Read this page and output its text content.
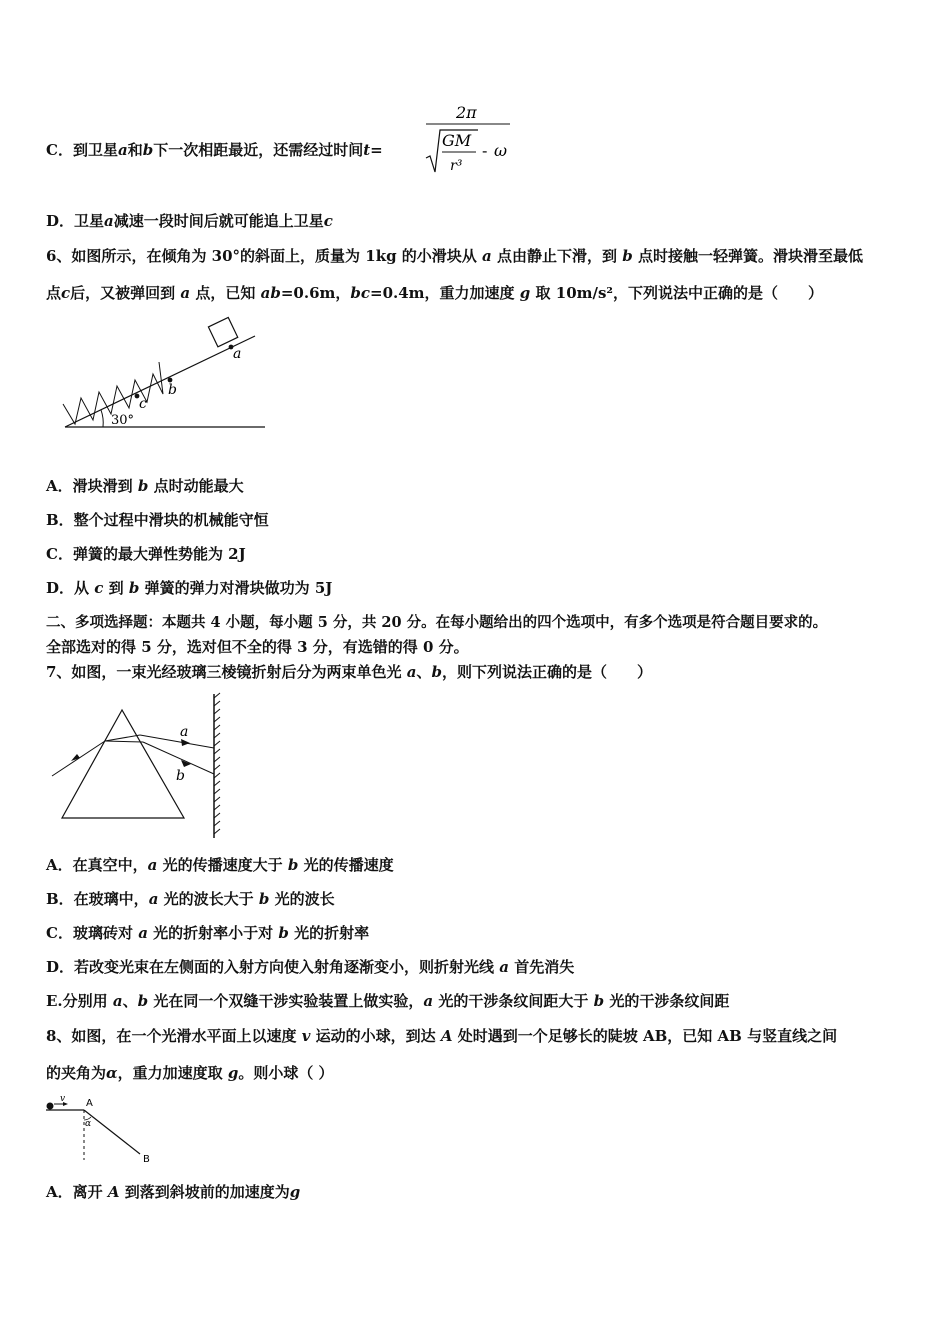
C．到卫星a和b下一次相距最近，还需经过时间t=
2π
GM
r³
- ω
D．卫星a减速一段时间后就可能追上卫星c
6、如图所示，在倾角为 30°的斜面上，质量为 1kg 的小滑块从 a 点由静止下滑，到 b 点时接触一轻弹簧。滑块滑至最低
点c后，又被弹回到 a 点，已知 ab=0.6m，bc=0.4m，重力加速度 g 取 10m/s²，下列说法中正确的是（　　）
c
b
a
30°
A．滑块滑到 b 点时动能最大
B．整个过程中滑块的机械能守恒
C．弹簧的最大弹性势能为 2J
D．从 c 到 b 弹簧的弹力对滑块做功为 5J
二、多项选择题：本题共 4 小题，每小题 5 分，共 20 分。在每小题给出的四个选项中，有多个选项是符合题目要求的。
全部选对的得 5 分，选对但不全的得 3 分，有选错的得 0 分。
7、如图，一束光经玻璃三棱镜折射后分为两束单色光 a、b，则下列说法正确的是（　　）
a
b
A．在真空中，a 光的传播速度大于 b 光的传播速度
B．在玻璃中，a 光的波长大于 b 光的波长
C．玻璃砖对 a 光的折射率小于对 b 光的折射率
D．若改变光束在左侧面的入射方向使入射角逐渐变小，则折射光线 a 首先消失
E.分别用 a、b 光在同一个双缝干涉实验装置上做实验，a 光的干涉条纹间距大于 b 光的干涉条纹间距
8、如图，在一个光滑水平面上以速度 v 运动的小球，到达 A 处时遇到一个足够长的陡坡 AB，已知 AB 与竖直线之间
的夹角为α，重力加速度取 g。则小球（ ）
v A
α
B
A．离开 A 到落到斜坡前的加速度为g
